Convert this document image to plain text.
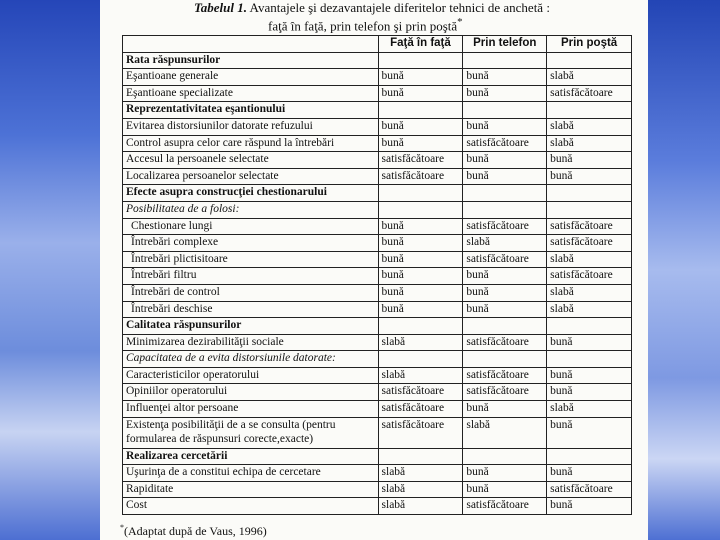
Tabelul 1. Avantajele şi dezavantajele diferitelor tehnici de anchetă :
faţă în faţă, prin telefon şi prin poştă*
	Faţă în faţă	Prin telefon	Prin poştă
Rata răspunsurilor			
Eşantioane generale	bună	bună	slabă
Eşantioane specializate	bună	bună	satisfăcătoare
Reprezentativitatea eşantionului			
Evitarea distorsiunilor datorate refuzului	bună	bună	slabă
Control asupra celor care răspund la întrebări	bună	satisfăcătoare	slabă
Accesul la persoanele selectate	satisfăcătoare	bună	bună
Localizarea persoanelor selectate	satisfăcătoare	bună	bună
Efecte asupra construcţiei chestionarului			
Posibilitatea de a folosi:			
Chestionare lungi	bună	satisfăcătoare	satisfăcătoare
Întrebări complexe	bună	slabă	satisfăcătoare
Întrebări plictisitoare	bună	satisfăcătoare	slabă
Întrebări filtru	bună	bună	satisfăcătoare
Întrebări de control	bună	bună	slabă
Întrebări deschise	bună	bună	slabă
Calitatea răspunsurilor			
Minimizarea dezirabilităţii sociale	slabă	satisfăcătoare	bună
Capacitatea de a evita distorsiunile datorate:			
Caracteristicilor operatorului	slabă	satisfăcătoare	bună
Opiniilor operatorului	satisfăcătoare	satisfăcătoare	bună
Influenţei altor persoane	satisfăcătoare	bună	slabă
Existenţa posibilităţii de a se consulta (pentru formularea de răspunsuri corecte,exacte)	satisfăcătoare	slabă	bună
Realizarea cercetării			
Uşurinţa de a constitui echipa de cercetare	slabă	bună	bună
Rapiditate	slabă	bună	satisfăcătoare
Cost	slabă	satisfăcătoare	bună
*(Adaptat după de Vaus, 1996)
